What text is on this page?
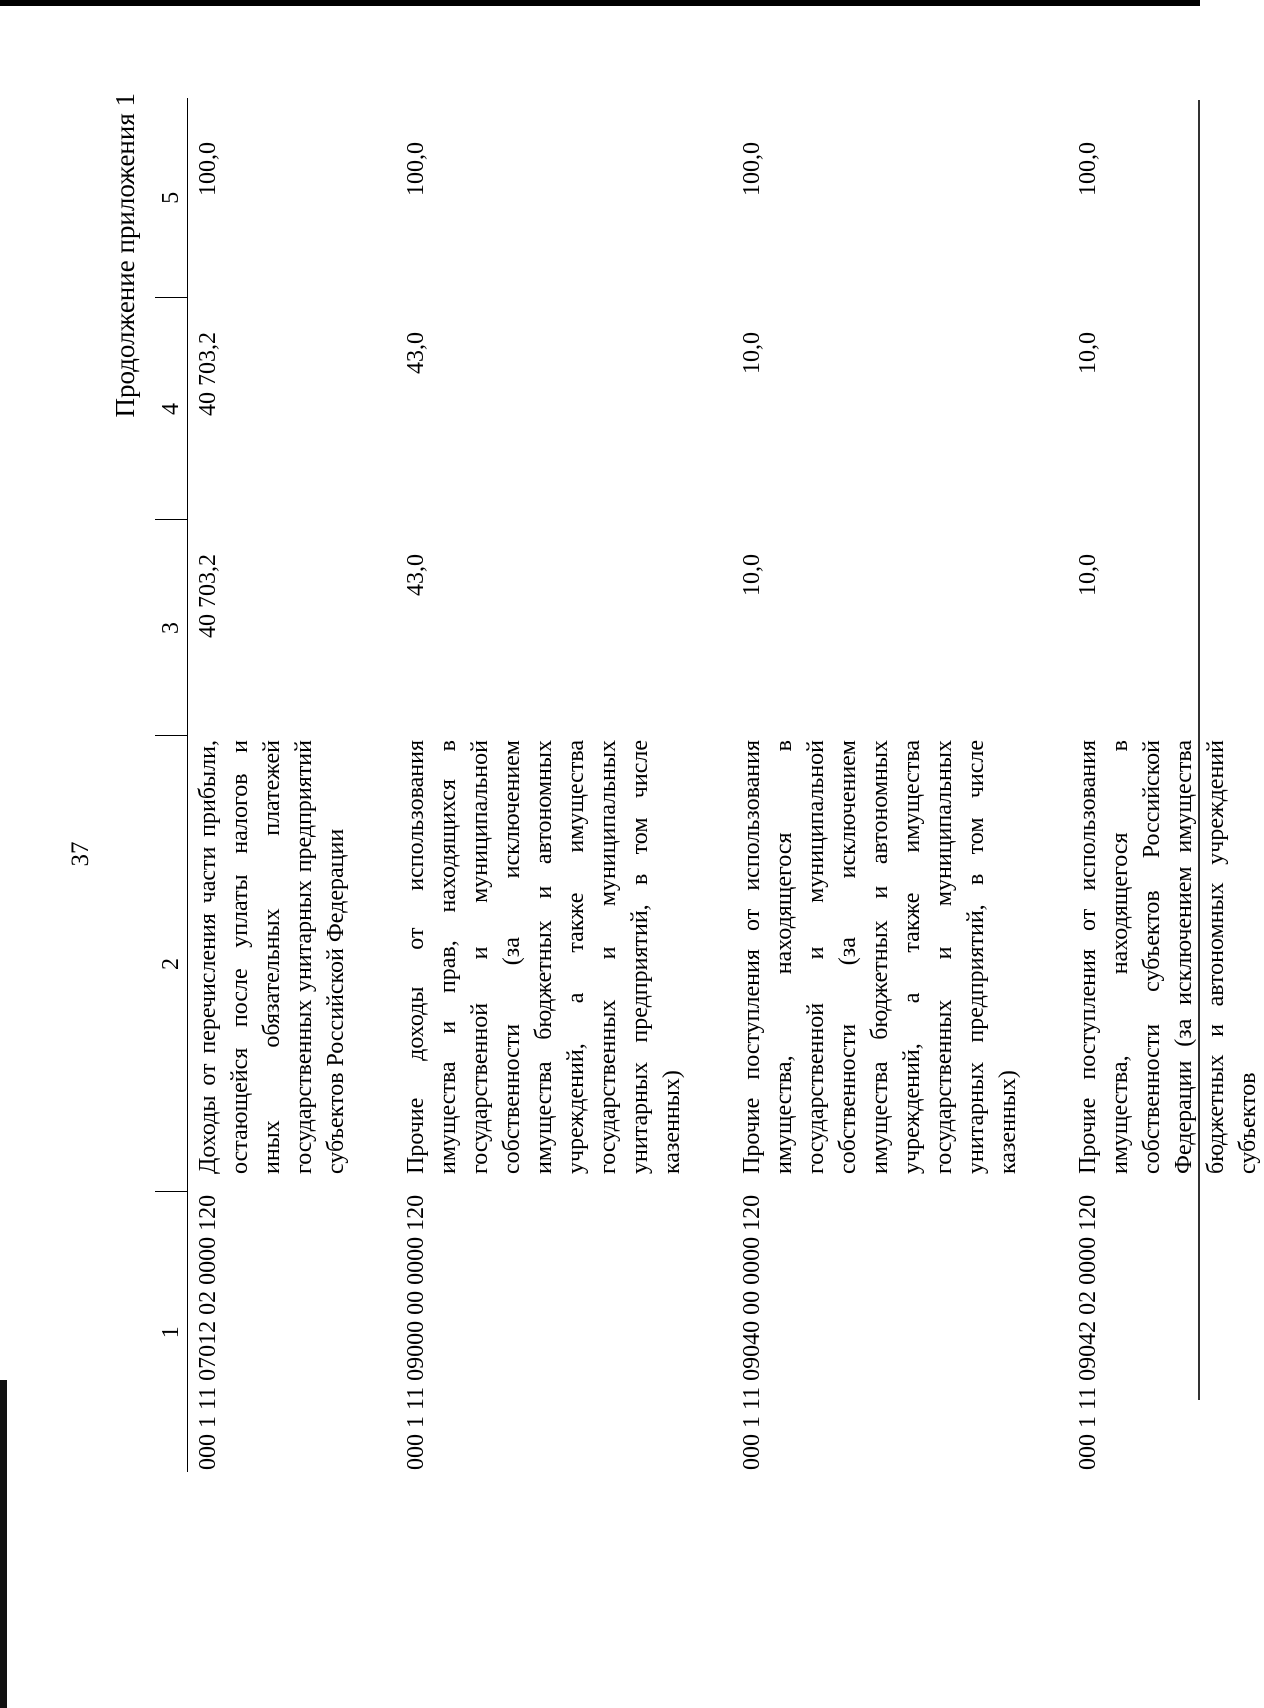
37
Продолжение приложения 1
1	2	3	4	5
000 1 11 07012 02 0000 120	Доходы от перечисления части прибыли, остающейся после уплаты налогов и иных обязательных платежей государственных унитарных предприятий субъектов Российской Федерации	40 703,2	40 703,2	100,0
000 1 11 09000 00 0000 120	Прочие доходы от использования имущества и прав, находящихся в государственной и муниципальной собственности (за исключением имущества бюджетных и автономных учреждений, а также имущества государственных и муниципальных унитарных предприятий, в том числе казенных)	43,0	43,0	100,0
000 1 11 09040 00 0000 120	Прочие поступления от использования имущества, находящегося в государственной и муниципальной собственности (за исключением имущества бюджетных и автономных учреждений, а также имущества государственных и муниципальных унитарных предприятий, в том числе казенных)	10,0	10,0	100,0
000 1 11 09042 02 0000 120	Прочие поступления от использования имущества, находящегося в собственности субъектов Российской Федерации (за исключением имущества бюджетных и автономных учреждений субъектов	10,0	10,0	100,0
